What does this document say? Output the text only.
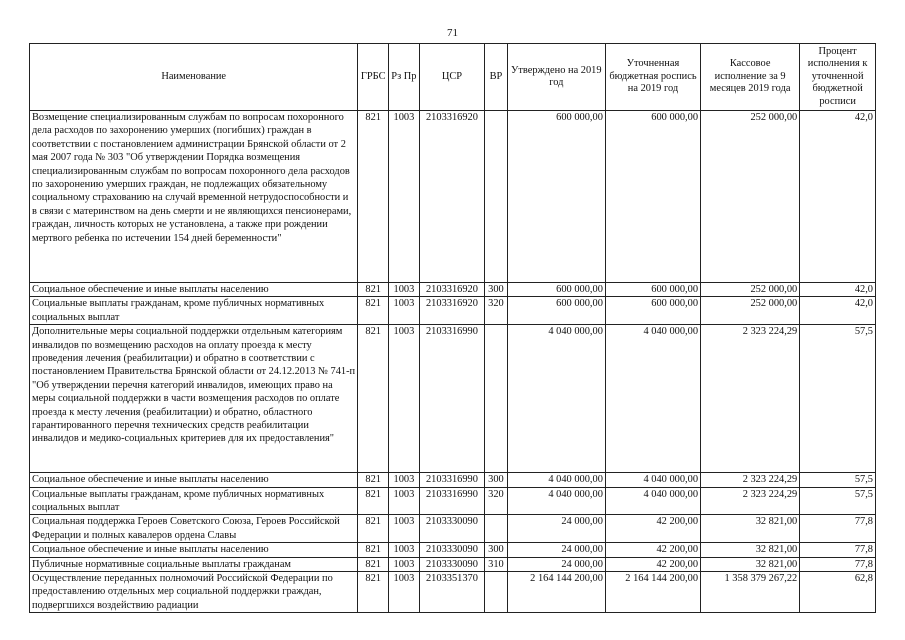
71
Наименование	ГРБС	Рз Пр	ЦСР	ВР	Утверждено на 2019 год	Уточненная бюджетная роспись на 2019 год	Кассовое исполнение за 9 месяцев 2019 года	Процент исполнения к уточненной бюджетной росписи
Возмещение специализированным службам по вопросам похоронного дела расходов по захоронению умерших (погибших) граждан в соответствии с постановлением администрации Брянской области от 2 мая 2007 года № 303 "Об утверждении Порядка возмещения специализированным службам по вопросам похоронного дела расходов по захоронению умерших граждан, не подлежащих обязательному социальному страхованию на случай временной нетрудоспособности и в связи с материнством на день смерти и не являющихся пенсионерами, граждан, личность которых не установлена, а также при рождении мертвого ребенка по истечении 154 дней беременности"	821	1003	2103316920		600 000,00	600 000,00	252 000,00	42,0
Социальное обеспечение и иные выплаты населению	821	1003	2103316920	300	600 000,00	600 000,00	252 000,00	42,0
Социальные выплаты гражданам, кроме публичных нормативных социальных выплат	821	1003	2103316920	320	600 000,00	600 000,00	252 000,00	42,0
Дополнительные меры социальной поддержки отдельным категориям инвалидов по возмещению расходов на оплату проезда к месту проведения лечения (реабилитации) и обратно в соответствии с постановлением Правительства Брянской области от 24.12.2013 № 741-п "Об утверждении перечня категорий инвалидов, имеющих право на меры социальной поддержки в части возмещения расходов по оплате проезда к месту лечения (реабилитации) и обратно, областного гарантированного перечня технических средств реабилитации инвалидов и медико-социальных критериев для их предоставления"	821	1003	2103316990		4 040 000,00	4 040 000,00	2 323 224,29	57,5
Социальное обеспечение и иные выплаты населению	821	1003	2103316990	300	4 040 000,00	4 040 000,00	2 323 224,29	57,5
Социальные выплаты гражданам, кроме публичных нормативных социальных выплат	821	1003	2103316990	320	4 040 000,00	4 040 000,00	2 323 224,29	57,5
Социальная поддержка Героев Советского Союза, Героев Российской Федерации и полных кавалеров ордена Славы	821	1003	2103330090		24 000,00	42 200,00	32 821,00	77,8
Социальное обеспечение и иные выплаты населению	821	1003	2103330090	300	24 000,00	42 200,00	32 821,00	77,8
Публичные нормативные социальные выплаты гражданам	821	1003	2103330090	310	24 000,00	42 200,00	32 821,00	77,8
Осуществление переданных полномочий Российской Федерации по предоставлению отдельных мер социальной поддержки граждан, подвергшихся воздействию радиации	821	1003	2103351370		2 164 144 200,00	2 164 144 200,00	1 358 379 267,22	62,8
